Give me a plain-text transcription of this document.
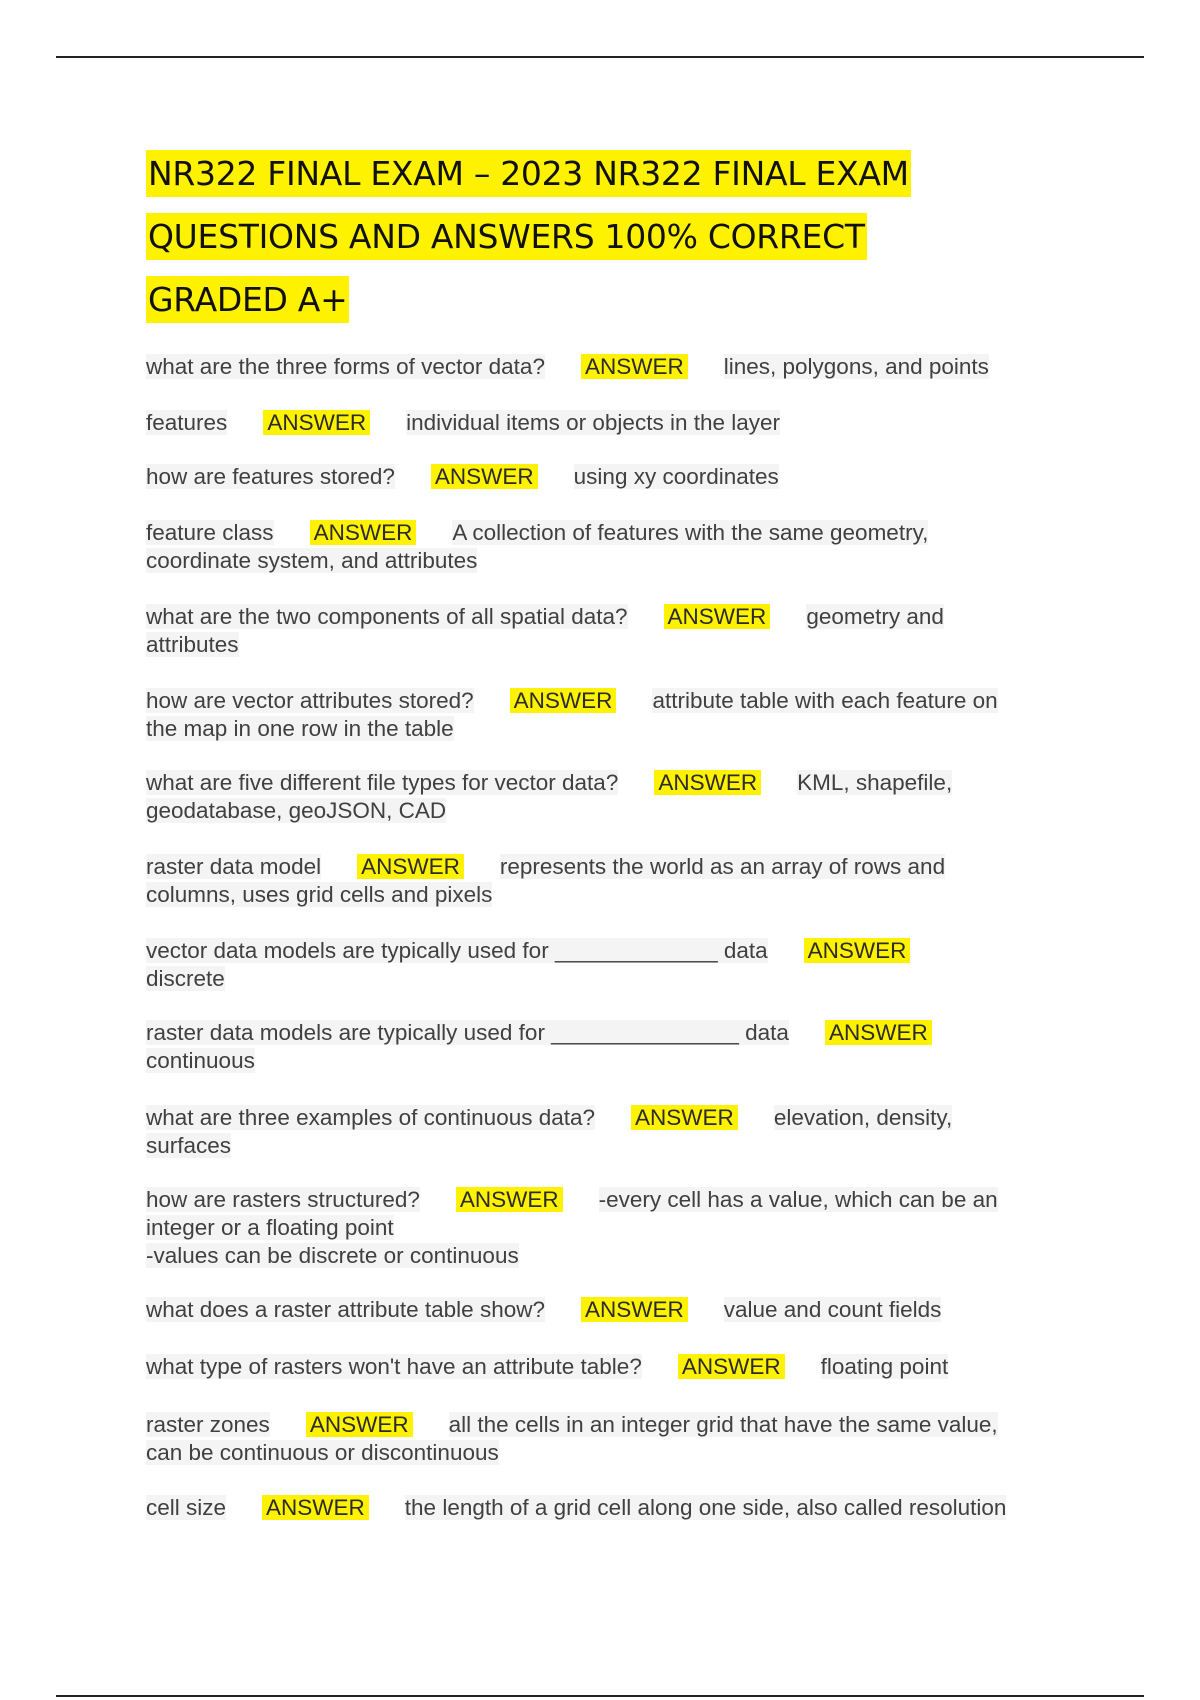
NR322 FINAL EXAM – 2023 NR322 FINAL EXAM
QUESTIONS AND ANSWERS 100% CORRECT
GRADED A+
what are the three forms of vector data? ANSWER lines, polygons, and points
features ANSWER individual items or objects in the layer
how are features stored? ANSWER using xy coordinates
feature class ANSWER A collection of features with the same geometry,
coordinate system, and attributes
what are the two components of all spatial data? ANSWER geometry and
attributes
how are vector attributes stored? ANSWER attribute table with each feature on
the map in one row in the table
what are five different file types for vector data? ANSWER KML, shapefile,
geodatabase, geoJSON, CAD
raster data model ANSWER represents the world as an array of rows and
columns, uses grid cells and pixels
vector data models are typically used for _____________ data ANSWER
discrete
raster data models are typically used for _______________ data ANSWER
continuous
what are three examples of continuous data? ANSWER elevation, density,
surfaces
how are rasters structured? ANSWER -every cell has a value, which can be an
integer or a floating point
-values can be discrete or continuous
what does a raster attribute table show? ANSWER value and count fields
what type of rasters won't have an attribute table? ANSWER floating point
raster zones ANSWER all the cells in an integer grid that have the same value,
can be continuous or discontinuous
cell size ANSWER the length of a grid cell along one side, also called resolution
